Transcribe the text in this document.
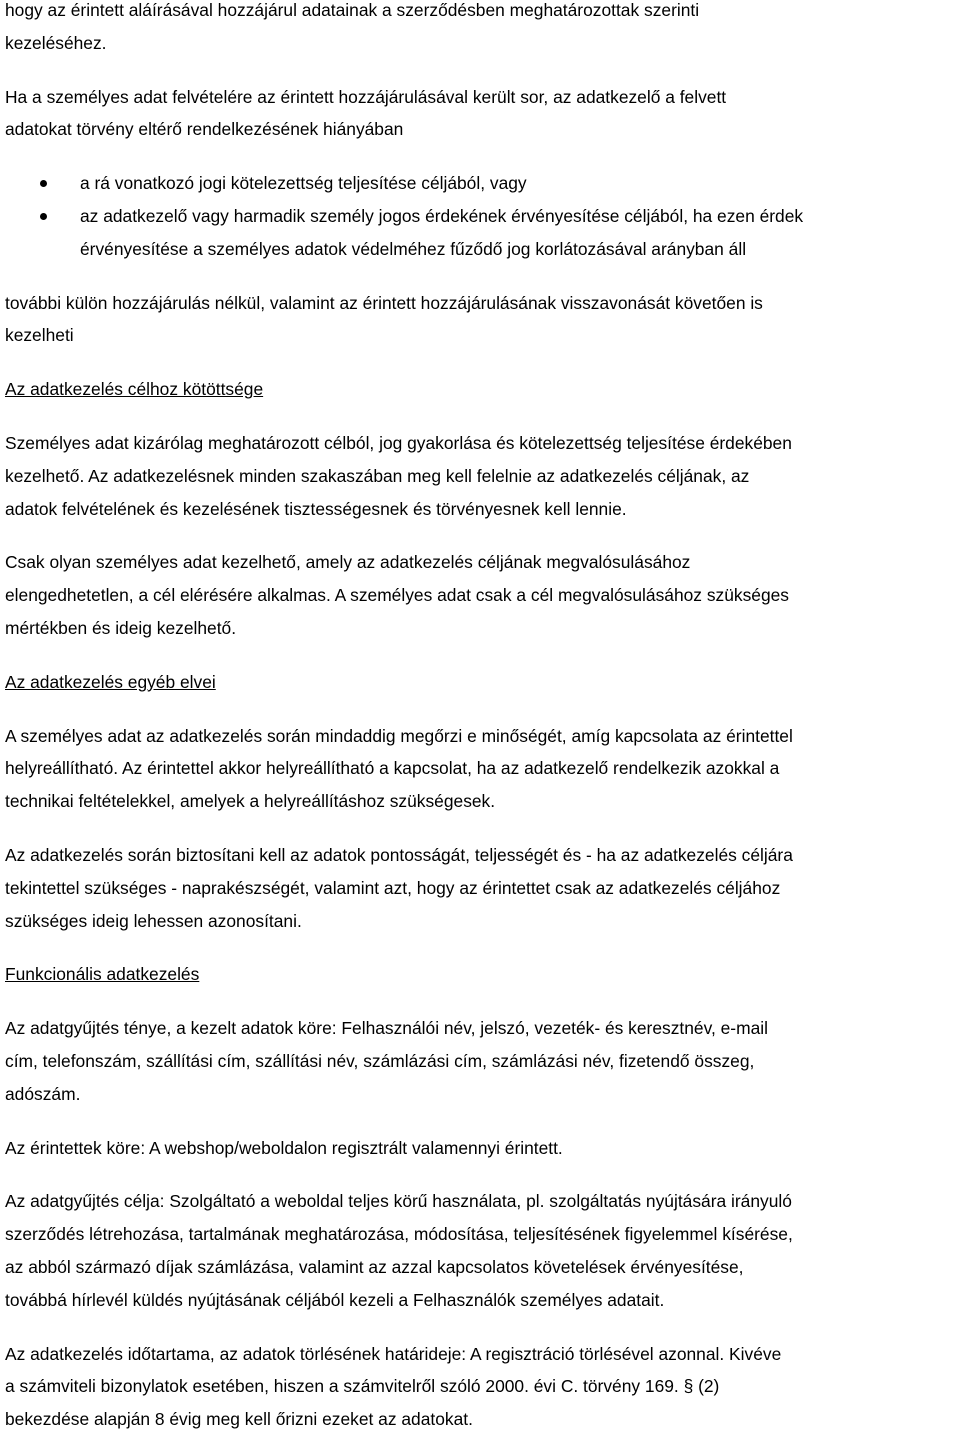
hogy az érintett aláírásával hozzájárul adatainak a szerződésben meghatározottak szerinti
kezeléséhez.

Ha a személyes adat felvételére az érintett hozzájárulásával került sor, az adatkezelő a felvett
adatokat törvény eltérő rendelkezésének hiányában

a rá vonatkozó jogi kötelezettség teljesítése céljából, vagy
az adatkezelő vagy harmadik személy jogos érdekének érvényesítése céljából, ha ezen érdek
érvényesítése a személyes adatok védelméhez fűződő jog korlátozásával arányban áll

további külön hozzájárulás nélkül, valamint az érintett hozzájárulásának visszavonását követően is
kezelheti

Az adatkezelés célhoz kötöttsége

Személyes adat kizárólag meghatározott célból, jog gyakorlása és kötelezettség teljesítése érdekében
kezelhető. Az adatkezelésnek minden szakaszában meg kell felelnie az adatkezelés céljának, az
adatok felvételének és kezelésének tisztességesnek és törvényesnek kell lennie.

Csak olyan személyes adat kezelhető, amely az adatkezelés céljának megvalósulásához
elengedhetetlen, a cél elérésére alkalmas. A személyes adat csak a cél megvalósulásához szükséges
mértékben és ideig kezelhető.

Az adatkezelés egyéb elvei

A személyes adat az adatkezelés során mindaddig megőrzi e minőségét, amíg kapcsolata az érintettel
helyreállítható. Az érintettel akkor helyreállítható a kapcsolat, ha az adatkezelő rendelkezik azokkal a
technikai feltételekkel, amelyek a helyreállításhoz szükségesek.

Az adatkezelés során biztosítani kell az adatok pontosságát, teljességét és - ha az adatkezelés céljára
tekintettel szükséges - naprakészségét, valamint azt, hogy az érintettet csak az adatkezelés céljához
szükséges ideig lehessen azonosítani.

Funkcionális adatkezelés

Az adatgyűjtés ténye, a kezelt adatok köre: Felhasználói név, jelszó, vezeték- és keresztnév, e-mail
cím, telefonszám, szállítási cím, szállítási név, számlázási cím, számlázási név, fizetendő összeg,
adószám.

Az érintettek köre: A webshop/weboldalon regisztrált valamennyi érintett.

Az adatgyűjtés célja: Szolgáltató a weboldal teljes körű használata, pl. szolgáltatás nyújtására irányuló
szerződés létrehozása, tartalmának meghatározása, módosítása, teljesítésének figyelemmel kísérése,
az abból származó díjak számlázása, valamint az azzal kapcsolatos követelések érvényesítése,
továbbá hírlevél küldés nyújtásának céljából kezeli a Felhasználók személyes adatait.

Az adatkezelés időtartama, az adatok törlésének határideje: A regisztráció törlésével azonnal. Kivéve
a számviteli bizonylatok esetében, hiszen a számvitelről szóló 2000. évi C. törvény 169. § (2)
bekezdése alapján 8 évig meg kell őrizni ezeket az adatokat.
